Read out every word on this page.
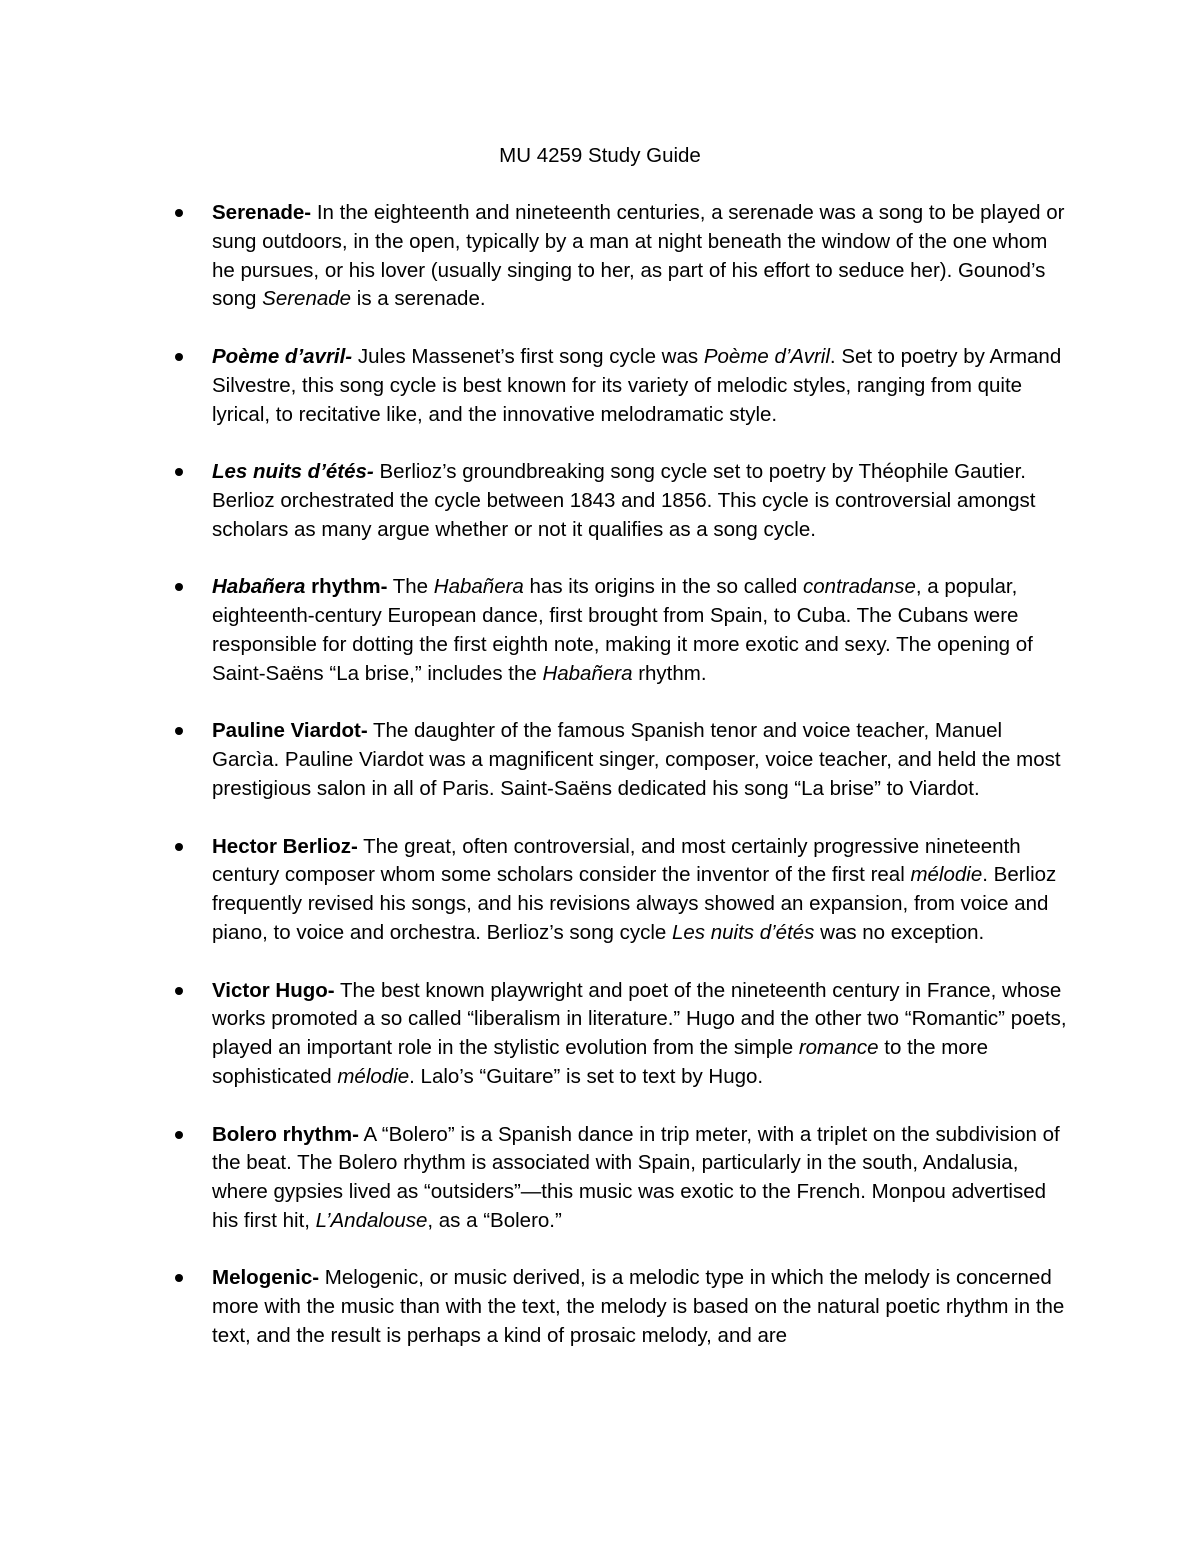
MU 4259 Study Guide
Serenade- In the eighteenth and nineteenth centuries, a serenade was a song to be played or sung outdoors, in the open, typically by a man at night beneath the window of the one whom he pursues, or his lover (usually singing to her, as part of his effort to seduce her). Gounod’s song Serenade is a serenade.
Poème d’avril- Jules Massenet’s first song cycle was Poème d’Avril. Set to poetry by Armand Silvestre, this song cycle is best known for its variety of melodic styles, ranging from quite lyrical, to recitative like, and the innovative melodramatic style.
Les nuits d’étés- Berlioz’s groundbreaking song cycle set to poetry by Théophile Gautier. Berlioz orchestrated the cycle between 1843 and 1856. This cycle is controversial amongst scholars as many argue whether or not it qualifies as a song cycle.
Habañera rhythm- The Habañera has its origins in the so called contradanse, a popular, eighteenth-century European dance, first brought from Spain, to Cuba. The Cubans were responsible for dotting the first eighth note, making it more exotic and sexy. The opening of Saint-Saëns “La brise,” includes the Habañera rhythm.
Pauline Viardot- The daughter of the famous Spanish tenor and voice teacher, Manuel Garcìa. Pauline Viardot was a magnificent singer, composer, voice teacher, and held the most prestigious salon in all of Paris. Saint-Saëns dedicated his song “La brise” to Viardot.
Hector Berlioz- The great, often controversial, and most certainly progressive nineteenth century composer whom some scholars consider the inventor of the first real mélodie. Berlioz frequently revised his songs, and his revisions always showed an expansion, from voice and piano, to voice and orchestra. Berlioz’s song cycle Les nuits d’étés was no exception.
Victor Hugo- The best known playwright and poet of the nineteenth century in France, whose works promoted a so called “liberalism in literature.” Hugo and the other two “Romantic” poets, played an important role in the stylistic evolution from the simple romance to the more sophisticated mélodie. Lalo’s “Guitare” is set to text by Hugo.
Bolero rhythm- A “Bolero” is a Spanish dance in trip meter, with a triplet on the subdivision of the beat. The Bolero rhythm is associated with Spain, particularly in the south, Andalusia, where gypsies lived as “outsiders”—this music was exotic to the French. Monpou advertised his first hit, L’Andalouse, as a “Bolero.”
Melogenic- Melogenic, or music derived, is a melodic type in which the melody is concerned more with the music than with the text, the melody is based on the natural poetic rhythm in the text, and the result is perhaps a kind of prosaic melody, and are
